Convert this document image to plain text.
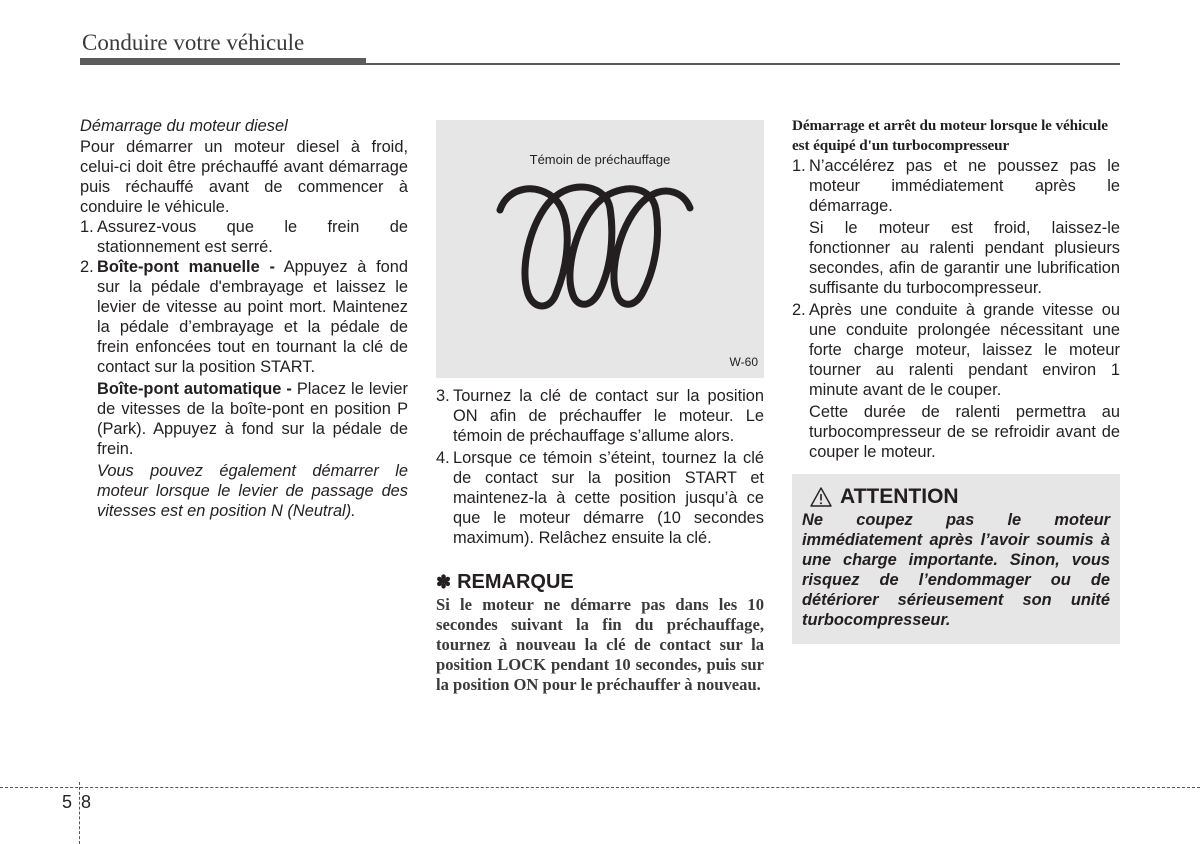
Conduire votre véhicule

Démarrage du moteur diesel

Pour démarrer un moteur diesel à froid, celui-ci doit être préchauffé avant démarrage puis réchauffé avant de commencer à conduire le véhicule.

1. Assurez-vous que le frein de stationnement est serré.

2. Boîte-pont manuelle - Appuyez à fond sur la pédale d'embrayage et laissez le levier de vitesse au point mort. Maintenez la pédale d’embrayage et la pédale de frein enfoncées tout en tournant la clé de contact sur la position START.

Boîte-pont automatique - Placez le levier de vitesses de la boîte-pont en position P (Park). Appuyez à fond sur la pédale de frein.

Vous pouvez également démarrer le moteur lorsque le levier de passage des vitesses est en position N (Neutral).

Témoin de préchauffage
W-60

3. Tournez la clé de contact sur la position ON afin de préchauffer le moteur. Le témoin de préchauffage s’allume alors.

4. Lorsque ce témoin s’éteint, tournez la clé de contact sur la position START et maintenez-la à cette position jusqu’à ce que le moteur démarre (10 secondes maximum). Relâchez ensuite la clé.

✽ REMARQUE

Si le moteur ne démarre pas dans les 10 secondes suivant la fin du préchauffage, tournez à nouveau la clé de contact sur la position LOCK pendant 10 secondes, puis sur la position ON pour le préchauffer à nouveau.

Démarrage et arrêt du moteur lorsque le véhicule est équipé d'un turbocompresseur

1. N’accélérez pas et ne poussez pas le moteur immédiatement après le démarrage.

Si le moteur est froid, laissez-le fonctionner au ralenti pendant plusieurs secondes, afin de garantir une lubrification suffisante du turbocompresseur.

2. Après une conduite à grande vitesse ou une conduite prolongée nécessitant une forte charge moteur, laissez le moteur tourner au ralenti pendant environ 1 minute avant de le couper.

Cette durée de ralenti permettra au turbocompresseur de se refroidir avant de couper le moteur.

ATTENTION

Ne coupez pas le moteur immédiatement après l’avoir soumis à une charge importante. Sinon, vous risquez de l’endommager ou de détériorer sérieusement son unité turbocompresseur.

5 8
